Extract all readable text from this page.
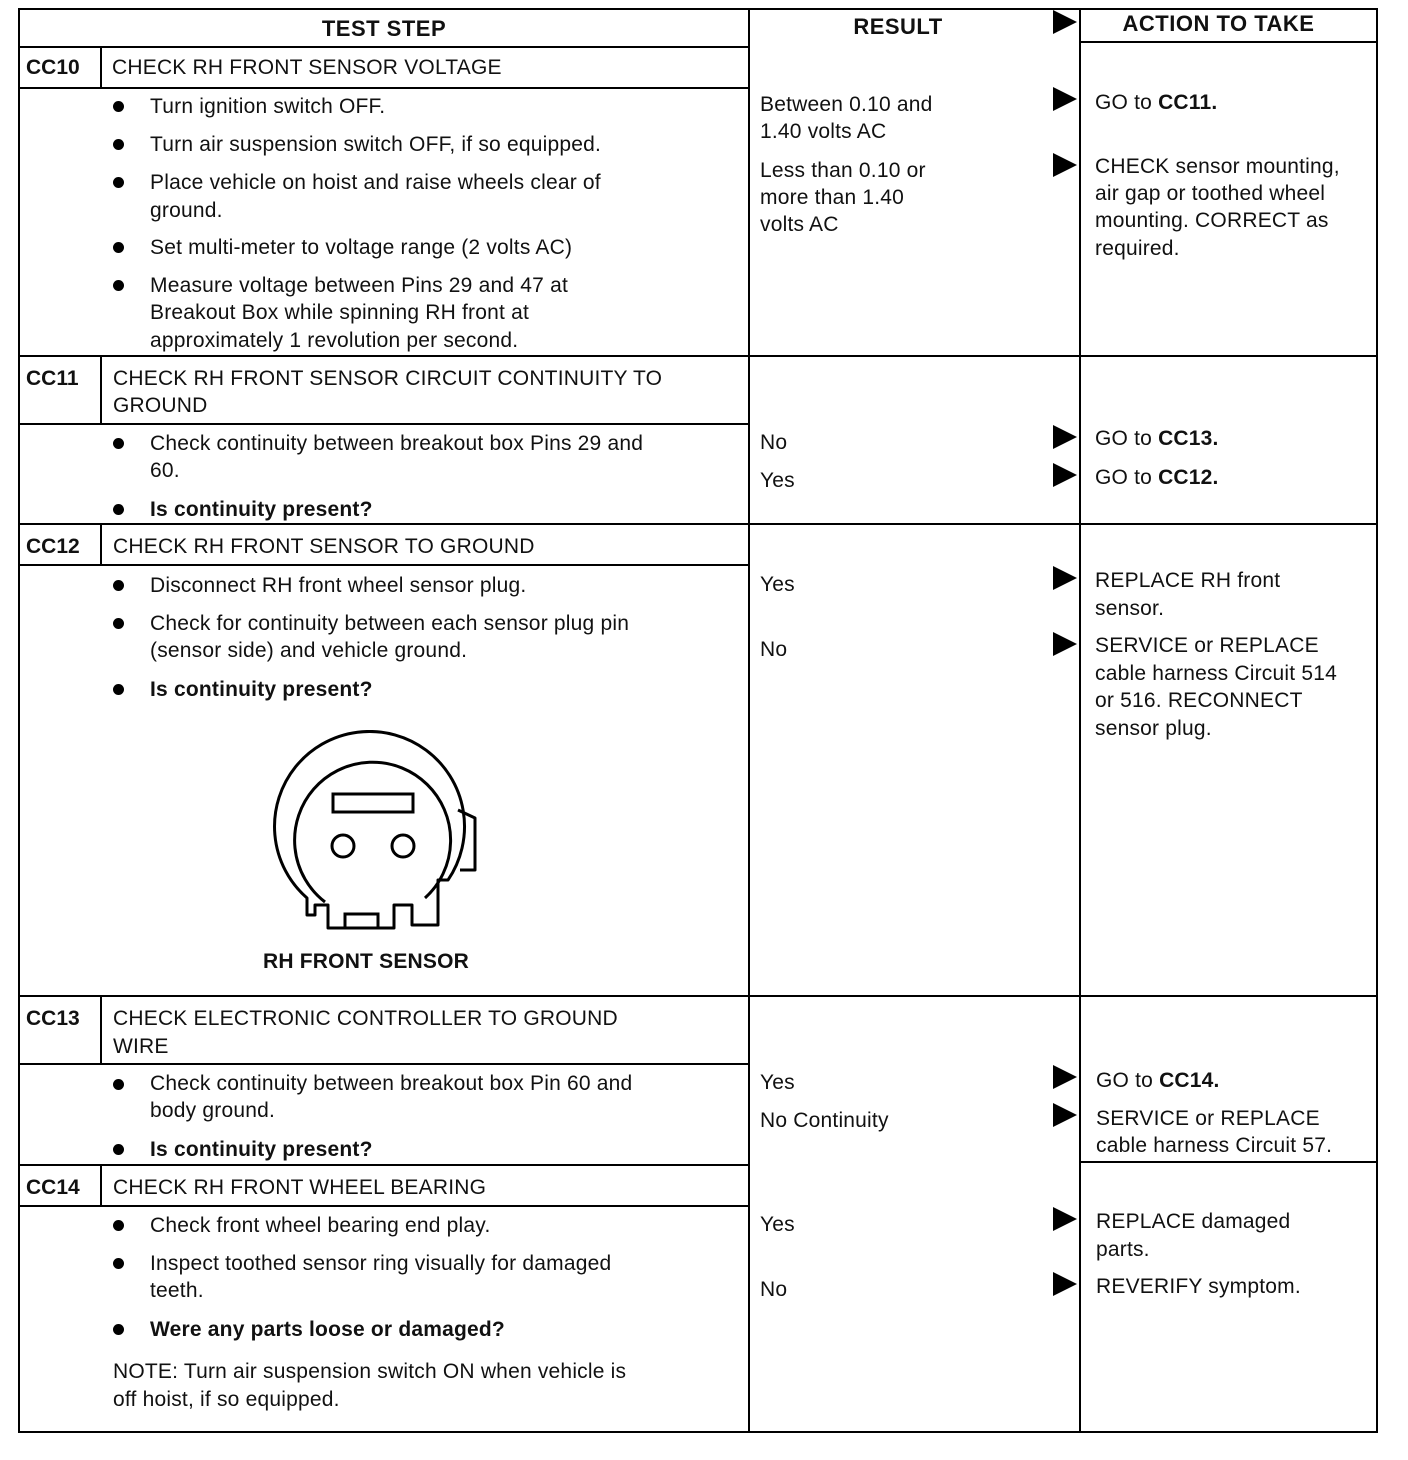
TEST STEP	RESULT	ACTION TO TAKE
CC10 CHECK RH FRONT SENSOR VOLTAGE
Turn ignition switch OFF.
Turn air suspension switch OFF, if so equipped.
Place vehicle on hoist and raise wheels clear of
ground.
Set multi-meter to voltage range (2 volts AC)
Measure voltage between Pins 29 and 47 at
Breakout Box while spinning RH front at
approximately 1 revolution per second.
Between 0.10 and
1.40 volts AC
Less than 0.10 or
more than 1.40
volts AC
GO to CC11.
CHECK sensor mounting,
air gap or toothed wheel
mounting. CORRECT as
required.
CC11 CHECK RH FRONT SENSOR CIRCUIT CONTINUITY TO
GROUND
Check continuity between breakout box Pins 29 and
60.
Is continuity present?
No
Yes
GO to CC13.
GO to CC12.
CC12 CHECK RH FRONT SENSOR TO GROUND
Disconnect RH front wheel sensor plug.
Check for continuity between each sensor plug pin
(sensor side) and vehicle ground.
Is continuity present?
RH FRONT SENSOR
Yes
No
REPLACE RH front
sensor.
SERVICE or REPLACE
cable harness Circuit 514
or 516. RECONNECT
sensor plug.
CC13 CHECK ELECTRONIC CONTROLLER TO GROUND
WIRE
Check continuity between breakout box Pin 60 and
body ground.
Is continuity present?
Yes
No Continuity
GO to CC14.
SERVICE or REPLACE
cable harness Circuit 57.
CC14 CHECK RH FRONT WHEEL BEARING
Check front wheel bearing end play.
Inspect toothed sensor ring visually for damaged
teeth.
Were any parts loose or damaged?
NOTE: Turn air suspension switch ON when vehicle is
off hoist, if so equipped.
Yes
No
REPLACE damaged
parts.
REVERIFY symptom.
